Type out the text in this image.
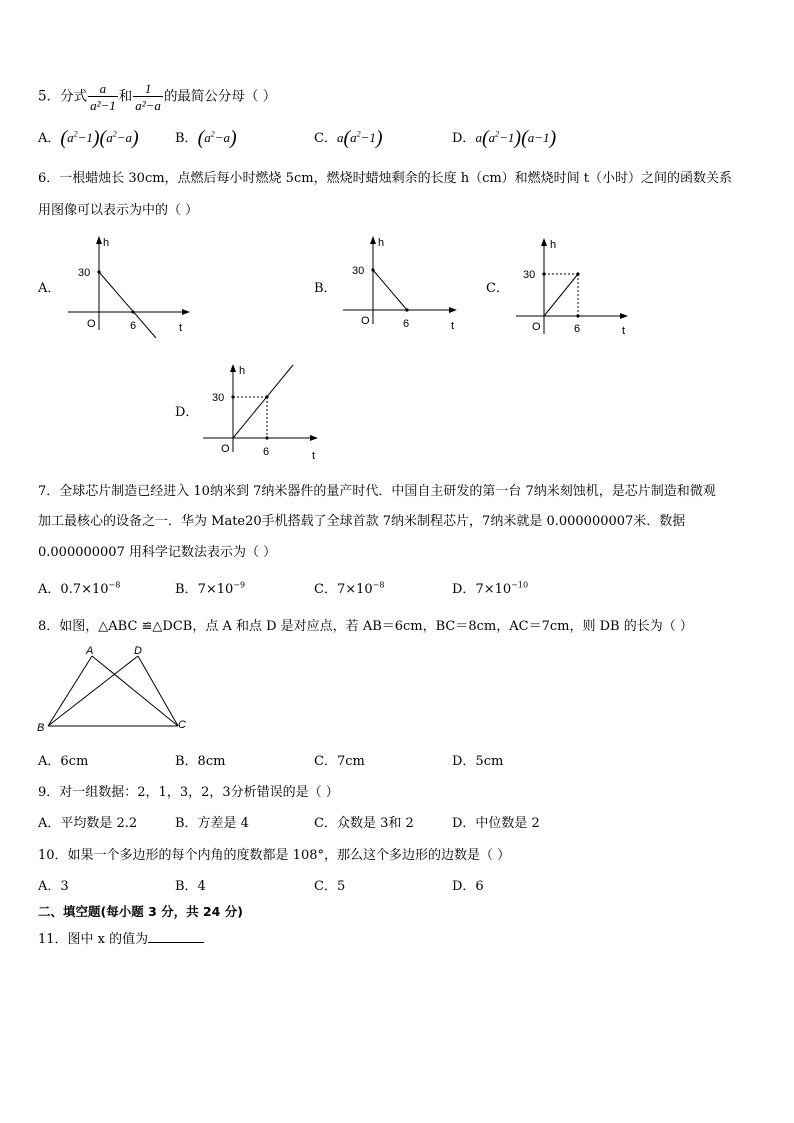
5．分式 $\frac{a}{\text{a²−1}}$ 和 $\frac{1}{\text{a²−a}}$ 的最简公分母（ ）
A．$(a^2-1)(a^2-a)$	B．$(a^2-a)$	C．$a(a^2-1)$	D．$a(a^2-1)(a-1)$
6．一根蜡烛长 30cm，点燃后每小时燃烧 5cm，燃烧时蜡烛剩余的长度 h（cm）和燃烧时间 t（小时）之间的函数关系
用图像可以表示为中的（ ）
A．
h
30
O	6	t
B．
h
30
O	6	t
C．
h
30
O	6	t
D．
h
30
O	6	t
7．全球芯片制造已经进入 10纳米到 7纳米器件的量产时代．中国自主研发的第一台 7纳米刻蚀机，是芯片制造和微观
加工最核心的设备之一．华为 Mate20手机搭载了全球首款 7纳米制程芯片，7纳米就是 0.000000007米．数据
0.000000007 用科学记数法表示为（ ）
A．$0.7\times 10^{-8}$	B．$7\times 10^{-9}$	C．$7\times 10^{-8}$	D．$7\times 10^{-10}$
8．如图，△ABC ≌△DCB，点 A 和点 D 是对应点，若 AB＝6cm，BC＝8cm，AC＝7cm，则 DB 的长为（ ）
A	D
B	C
A．6cm	B．8cm	C．7cm	D．5cm
9．对一组数据：2，1，3，2，3分析错误的是（ ）
A．平均数是 2.2	B．方差是 4	C．众数是 3和 2	D．中位数是 2
10．如果一个多边形的每个内角的度数都是 108°，那么这个多边形的边数是（ ）
A．3	B．4	C．5	D．6
二、填空题(每小题 3 分，共 24 分)
11．图中 x 的值为
